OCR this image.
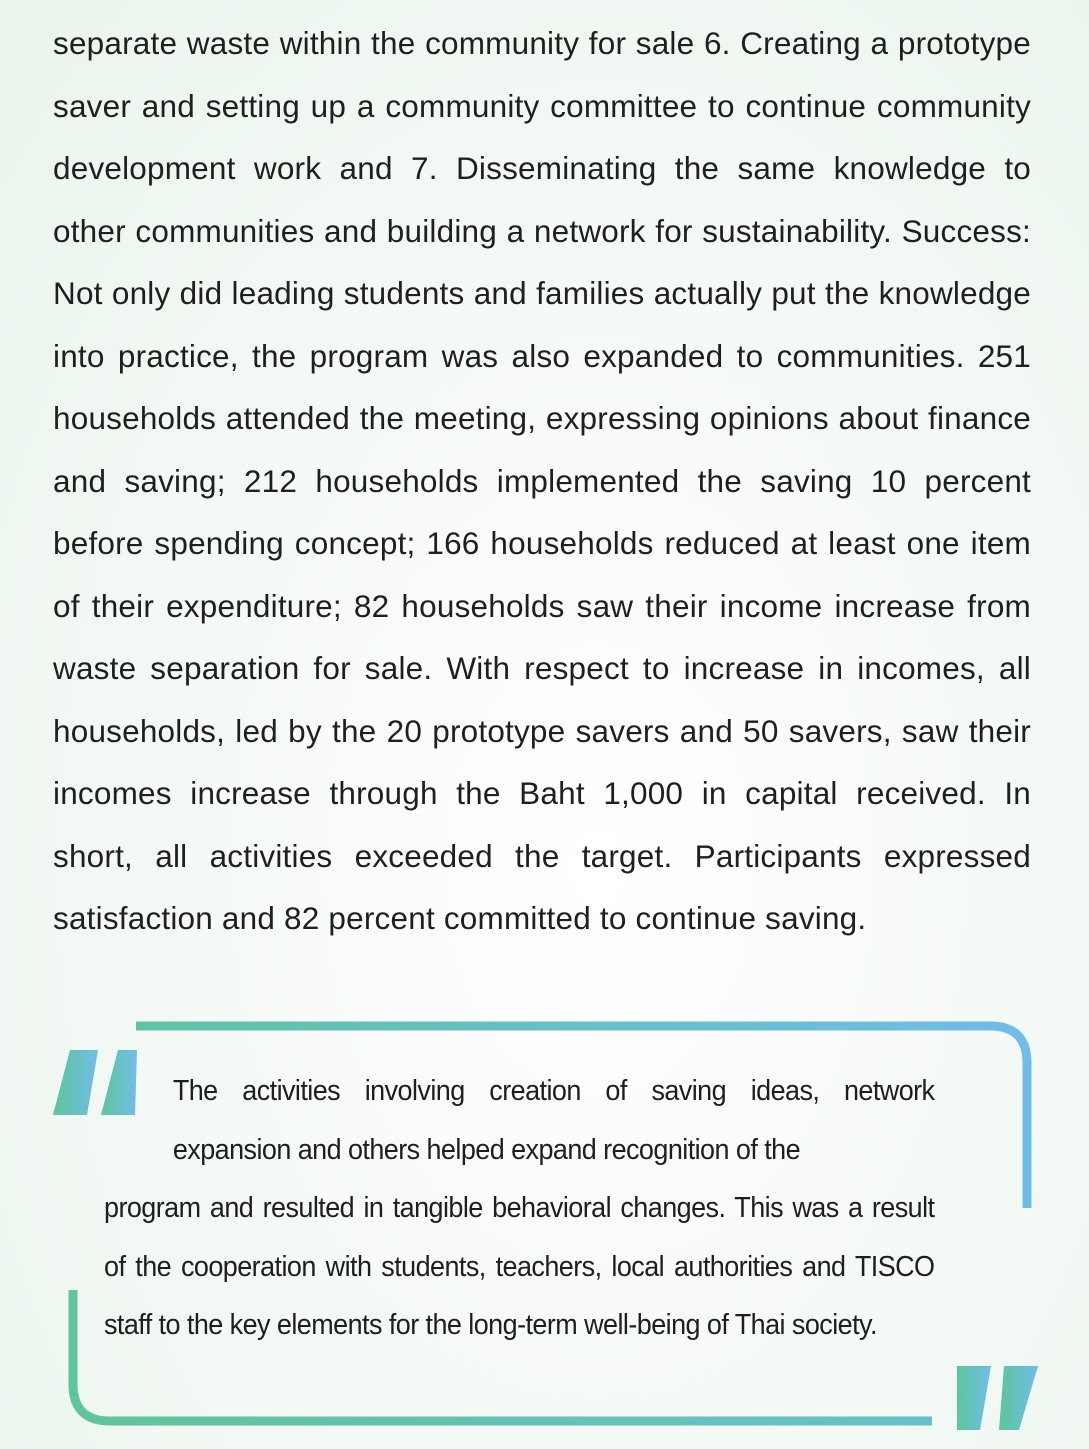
separate waste within the community for sale 6. Creating a prototype saver and setting up a community committee to continue community development work and 7. Disseminating the same knowledge to other communities and building a network for sustainability. Success: Not only did leading students and families actually put the knowledge into practice, the program was also expanded to communities. 251 households attended the meeting, expressing opinions about finance and saving; 212 households implemented the saving 10 percent before spending concept; 166 households reduced at least one item of their expenditure; 82 households saw their income increase from waste separation for sale. With respect to increase in incomes, all households, led by the 20 prototype savers and 50 savers, saw their incomes increase through the Baht 1,000 in capital received. In short, all activities exceeded the target. Participants expressed satisfaction and 82 percent committed to continue saving.

The activities involving creation of saving ideas, network expansion and others helped expand recognition of the
program and resulted in tangible behavioral changes. This was a result of the cooperation with students, teachers, local authorities and TISCO staff to the key elements for the long-term well-being of Thai society.
